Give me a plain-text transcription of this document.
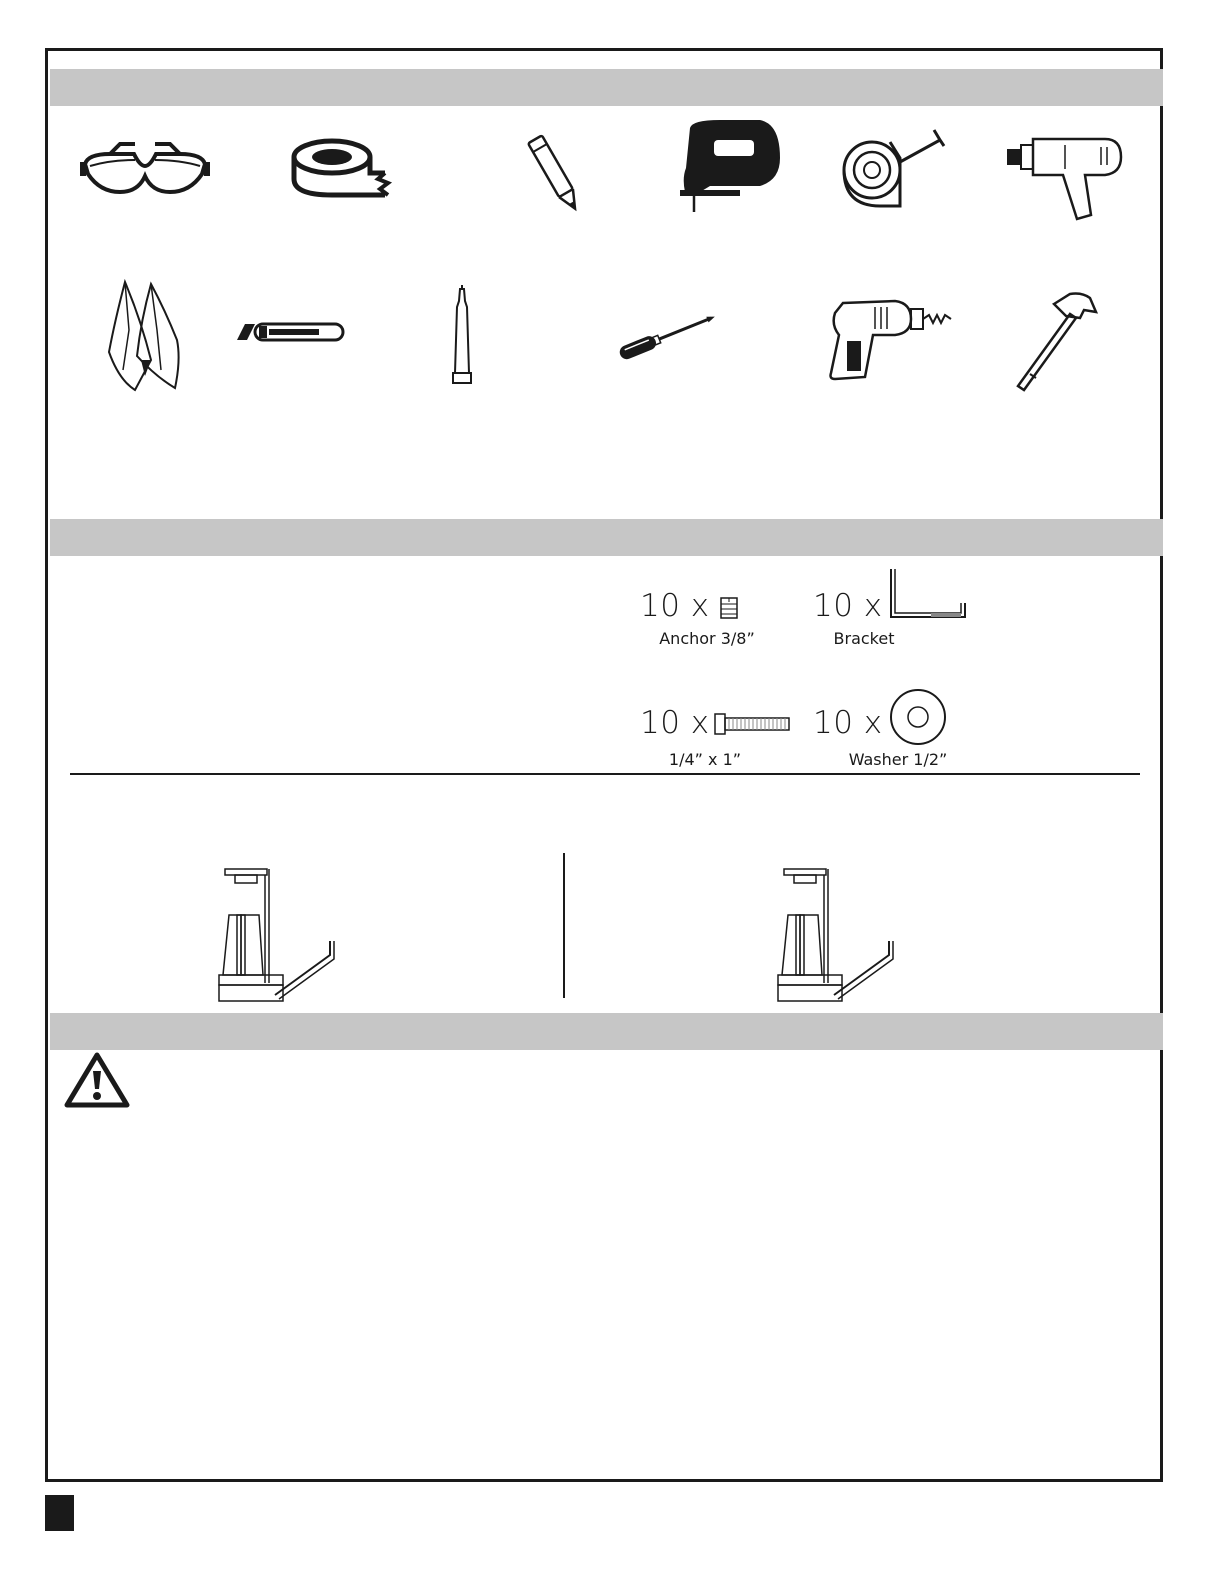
10 x
Anchor 3/8”
10 x
Bracket
10 x
1/4” x 1”
10 x
Washer 1/2”
